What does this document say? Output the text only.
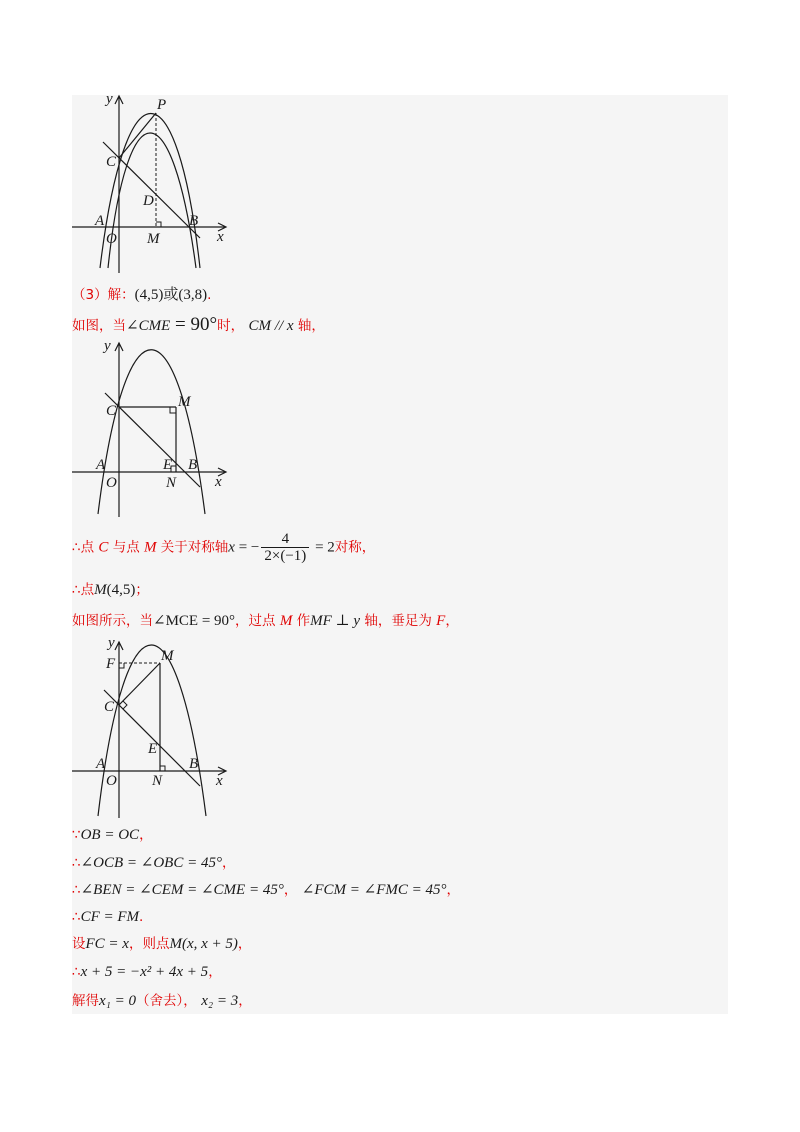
y	P
C
D
A	B
O M	x
（3）解：(4,5)或(3,8).
如图，当∠CME = 90°时， CM // x 轴，
y
C
M
A	E B
O	N	x
∴点 C 与点 M 关于对称轴x = − $\frac{4}{2\times(-1)} = 2$对称，
∴点M(4,5)；
如图所示，当∠MCE = 90°，过点 M 作MF ⊥ y 轴，垂足为 F，
y
F	M
C
E
A	B
O N	x
∵OB = OC，
∴∠OCB = ∠OBC = 45°，
∴∠BEN = ∠CEM = ∠CME = 45°， ∠FCM = ∠FMC = 45°，
∴CF = FM.
设FC = x，则点M(x, x + 5)，
∴x + 5 = −x² + 4x + 5，
解得x₁ = 0（舍去）， x₂ = 3，
